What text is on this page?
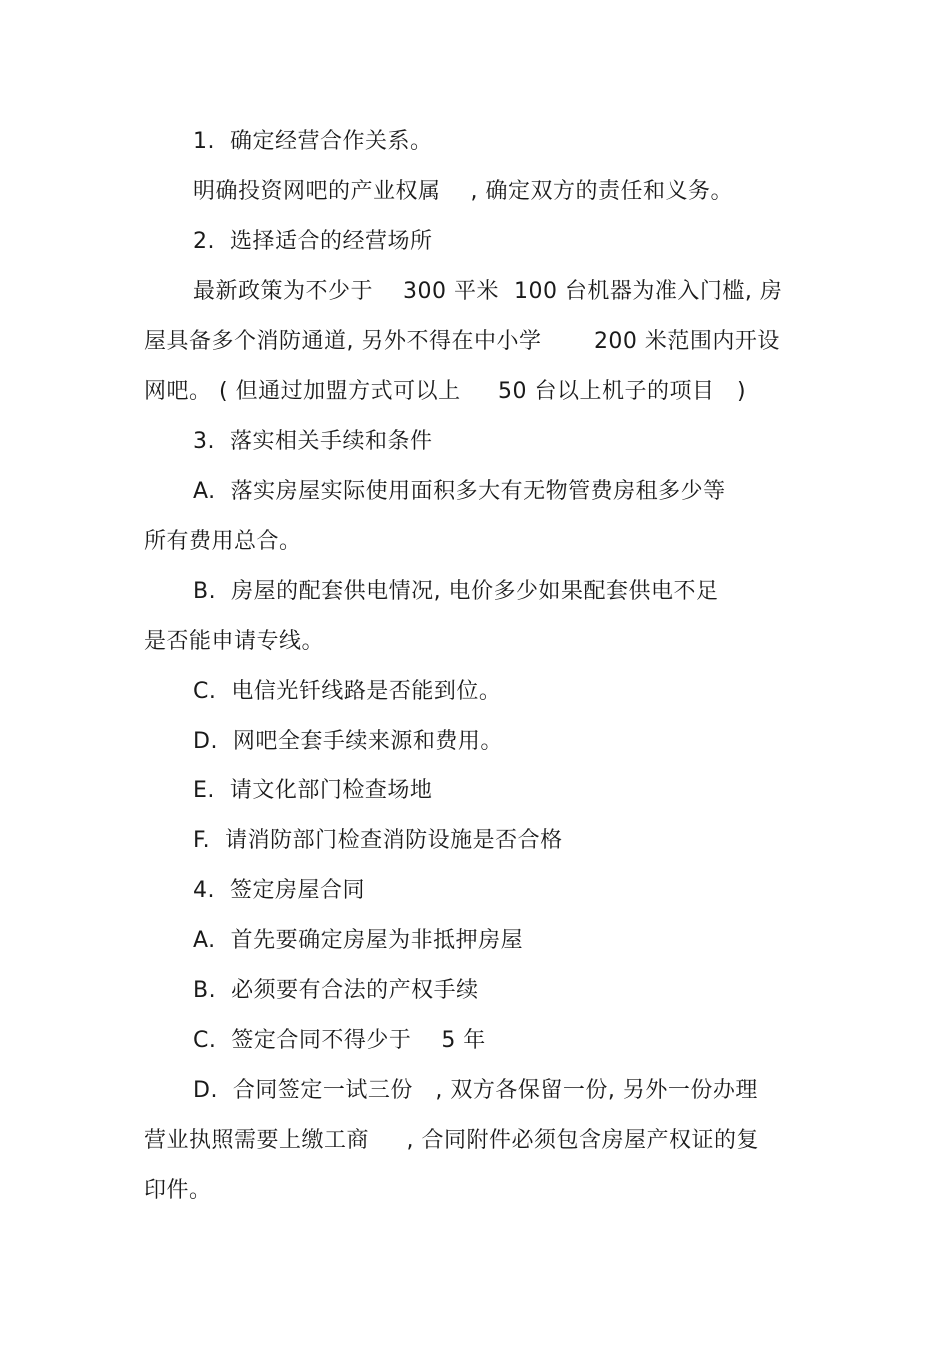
1.  确定经营合作关系。
明确投资网吧的产业权属    , 确定双方的责任和义务。
2.  选择适合的经营场所
最新政策为不少于    300 平米  100 台机器为准入门槛, 房
屋具备多个消防通道, 另外不得在中小学       200 米范围内开设
网吧。 ( 但通过加盟方式可以上     50 台以上机子的项目   )
3.  落实相关手续和条件
A.  落实房屋实际使用面积多大有无物管费房租多少等
所有费用总合。
B.  房屋的配套供电情况, 电价多少如果配套供电不足
是否能申请专线。
C.  电信光钎线路是否能到位。
D.  网吧全套手续来源和费用。
E.  请文化部门检查场地
F.  请消防部门检查消防设施是否合格
4.  签定房屋合同
A.  首先要确定房屋为非抵押房屋
B.  必须要有合法的产权手续
C.  签定合同不得少于    5 年
D.  合同签定一试三份   , 双方各保留一份, 另外一份办理
营业执照需要上缴工商     , 合同附件必须包含房屋产权证的复
印件。
